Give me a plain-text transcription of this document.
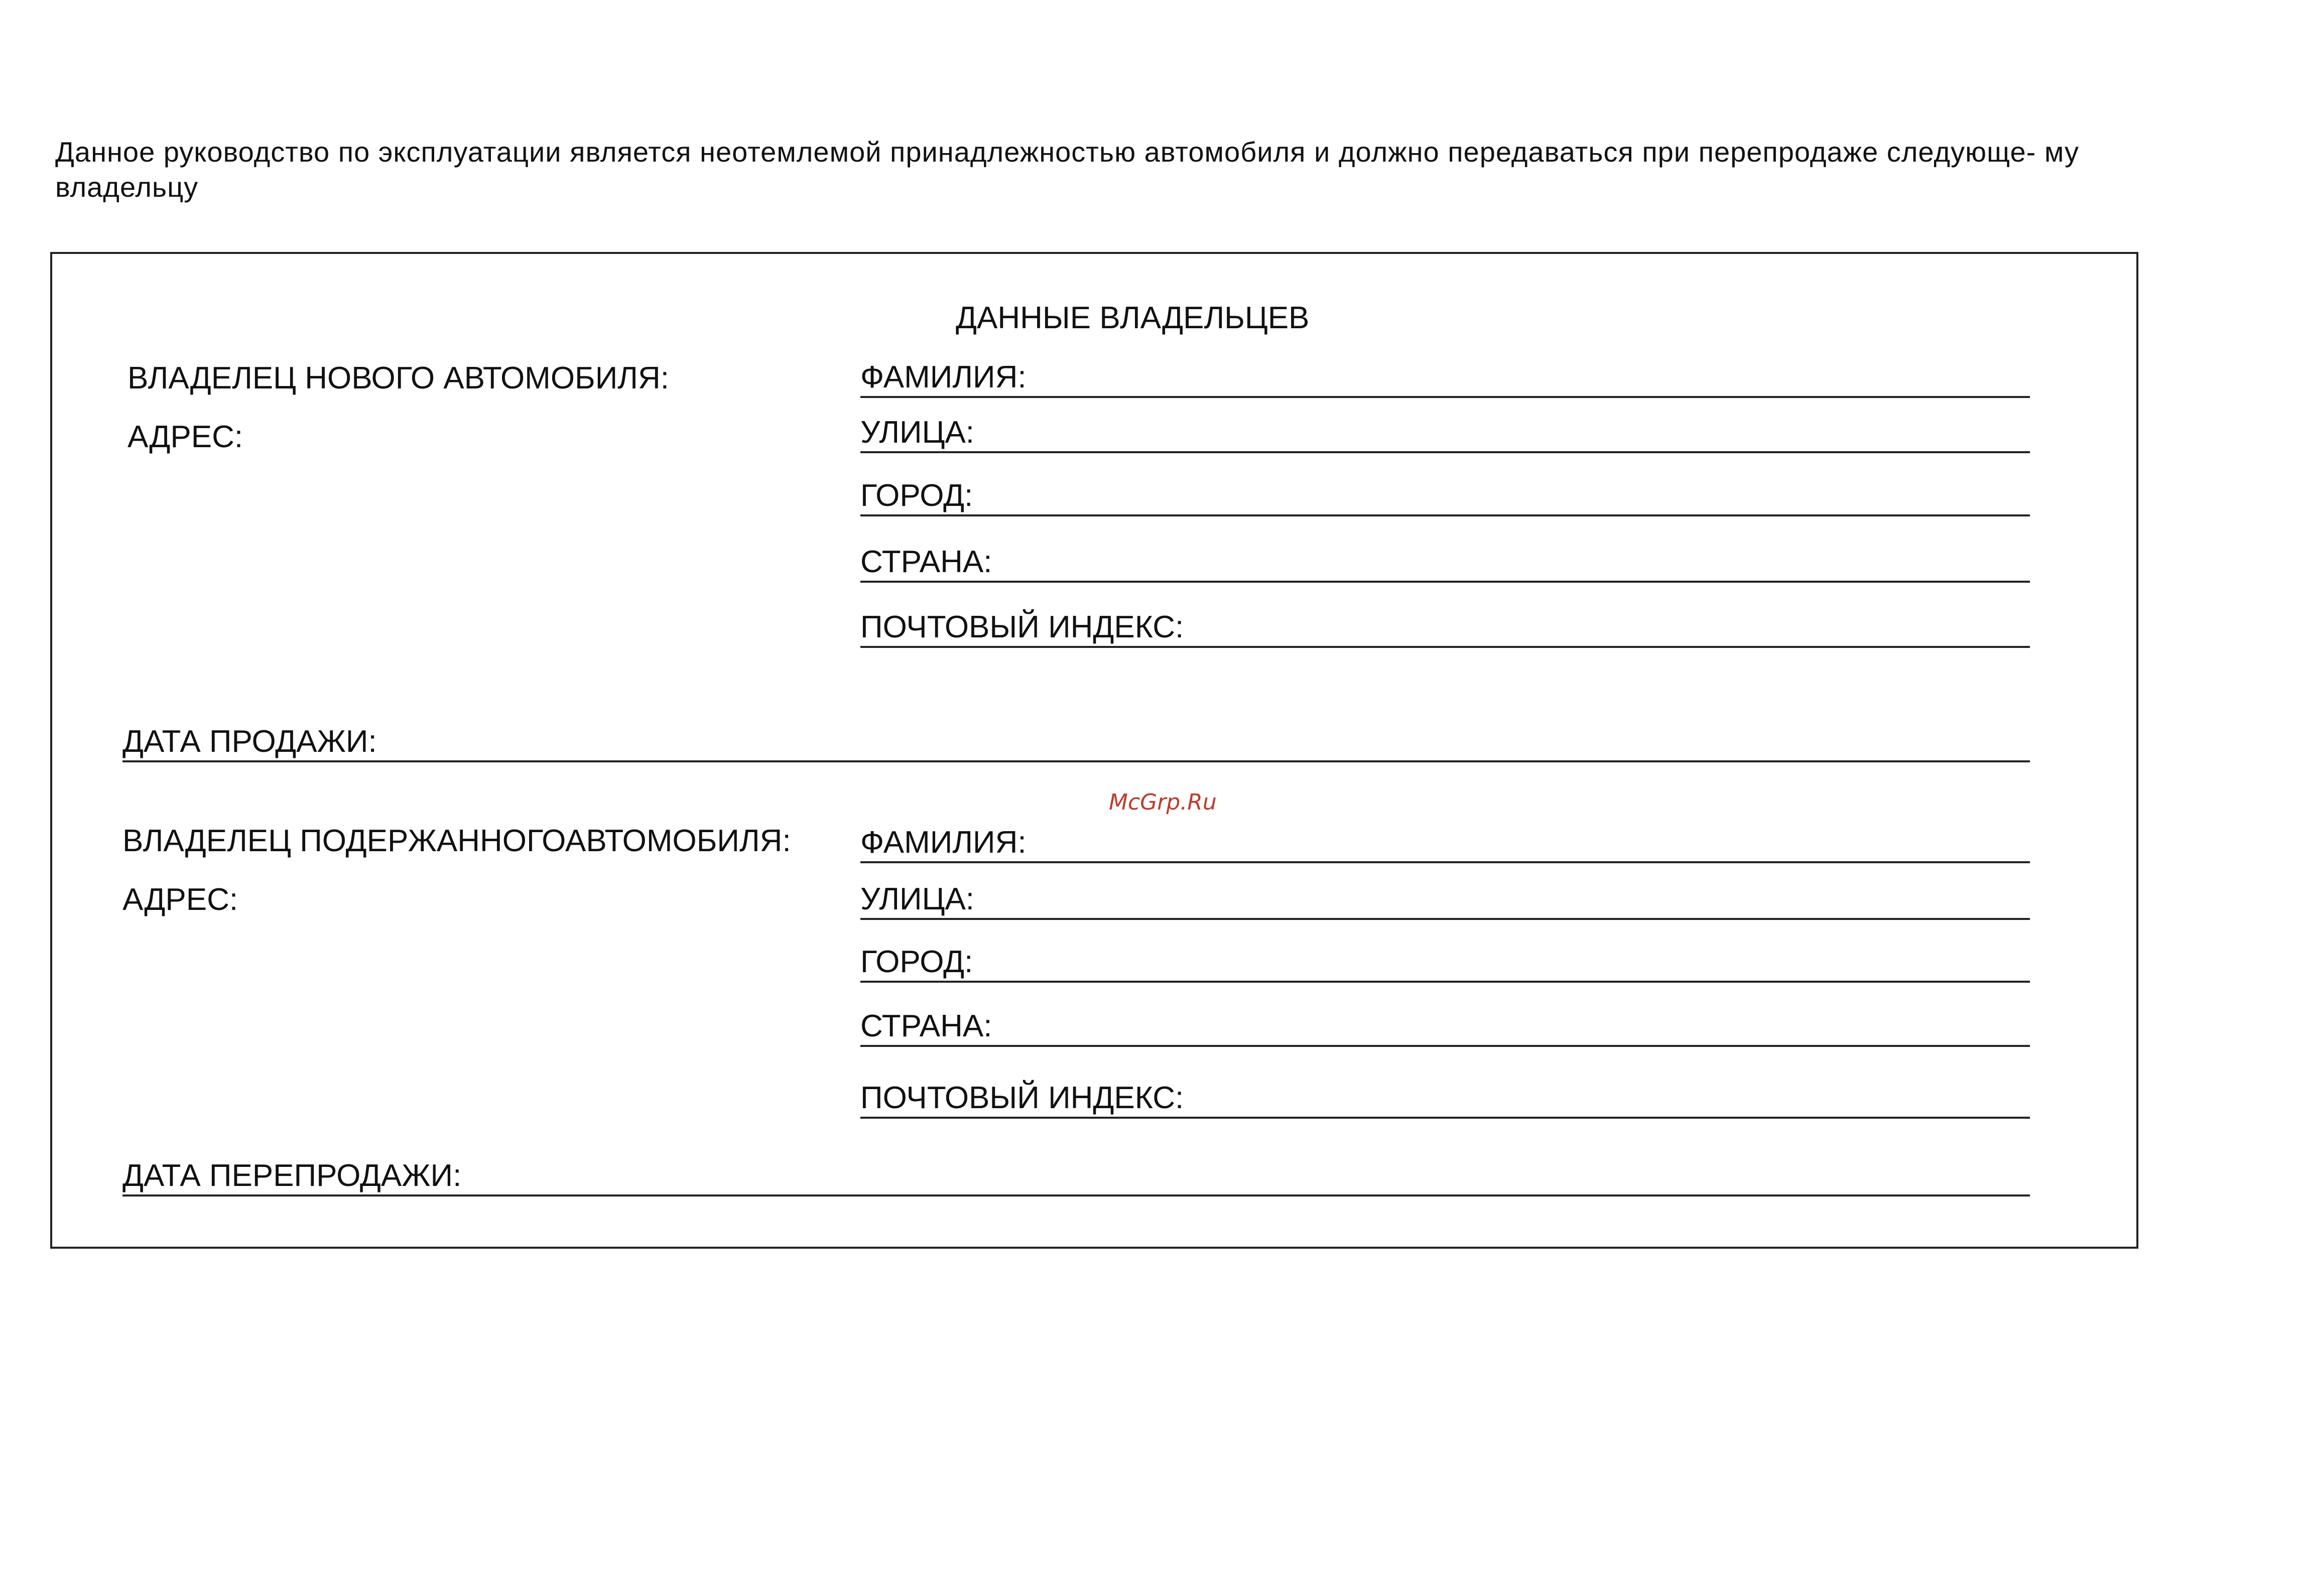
Данное руководство по эксплуатации является неотемлемой принадлежностью автомобиля и должно передаваться при перепродаже следующе- му владельцу

ДАННЫЕ ВЛАДЕЛЬЦЕВ
ВЛАДЕЛЕЦ НОВОГО АВТОМОБИЛЯ:
АДРЕС:
ФАМИЛИЯ:
УЛИЦА:
ГОРОД:
СТРАНА:
ПОЧТОВЫЙ ИНДЕКС:
ДАТА ПРОДАЖИ:
McGrp.Ru
ВЛАДЕЛЕЦ ПОДЕРЖАННОГОАВТОМОБИЛЯ:
АДРЕС:
ФАМИЛИЯ:
УЛИЦА:
ГОРОД:
СТРАНА:
ПОЧТОВЫЙ ИНДЕКС:
ДАТА ПЕРЕПРОДАЖИ:
